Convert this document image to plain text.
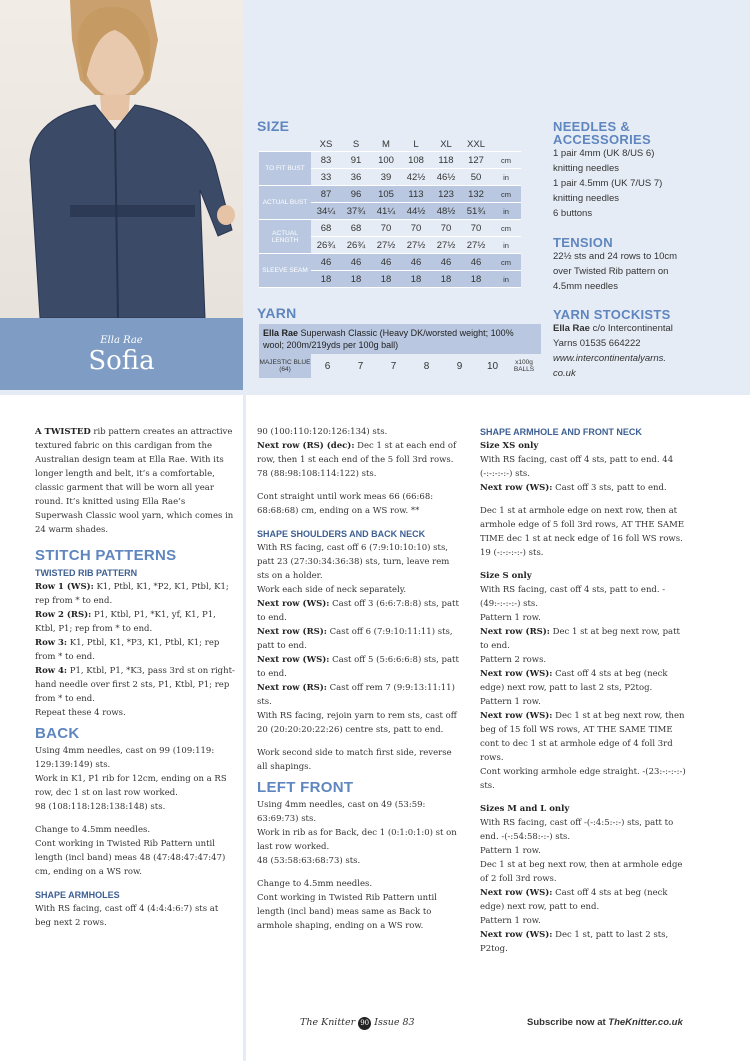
Ella Rae
Sofia
SIZE
	XS	S	M	L	XL	XXL	
TO FIT BUST	83	91	100	108	118	127	cm
	33	36	39	42½	46½	50	in
ACTUAL BUST	87	96	105	113	123	132	cm
	34¼	37¾	41¼	44½	48½	51¾	in
ACTUAL LENGTH	68	68	70	70	70	70	cm
	26¾	26¾	27½	27½	27½	27½	in
SLEEVE SEAM	46	46	46	46	46	46	cm
	18	18	18	18	18	18	in
YARN
Ella Rae Superwash Classic (Heavy DK/worsted weight; 100% wool; 200m/219yds per 100g ball)
MAJESTIC BLUE (64)	6	7	7	8	9	10	x100g BALLS
NEEDLES & ACCESSORIES
1 pair 4mm (UK 8/US 6)
knitting needles
1 pair 4.5mm (UK 7/US 7)
knitting needles
6 buttons
TENSION
22½ sts and 24 rows to 10cm
over Twisted Rib pattern on
4.5mm needles
YARN STOCKISTS
Ella Rae c/o Intercontinental
Yarns 01535 664222
www.intercontinentalyarns.
co.uk
A TWISTED rib pattern creates an attractive textured fabric on this cardigan from the Australian design team at Ella Rae. With its longer length and belt, it’s a comfortable, classic garment that will be worn all year round. It’s knitted using Ella Rae’s Superwash Classic wool yarn, which comes in 24 warm shades.
STITCH PATTERNS
TWISTED RIB PATTERN
Row 1 (WS): K1, Ptbl, K1, *P2, K1, Ptbl, K1; rep from * to end.
Row 2 (RS): P1, Ktbl, P1, *K1, yf, K1, P1, Ktbl, P1; rep from * to end.
Row 3: K1, Ptbl, K1, *P3, K1, Ptbl, K1; rep from * to end.
Row 4: P1, Ktbl, P1, *K3, pass 3rd st on right-hand needle over first 2 sts, P1, Ktbl, P1; rep from * to end.
Repeat these 4 rows.
BACK
Using 4mm needles, cast on 99 (109:119: 129:139:149) sts.
Work in K1, P1 rib for 12cm, ending on a RS row, dec 1 st on last row worked.
98 (108:118:128:138:148) sts.
Change to 4.5mm needles.
Cont working in Twisted Rib Pattern until length (incl band) meas 48 (47:48:47:47:47) cm, ending on a WS row.
SHAPE ARMHOLES
With RS facing, cast off 4 (4:4:4:6:7) sts at beg next 2 rows.
90 (100:110:120:126:134) sts.
Next row (RS) (dec): Dec 1 st at each end of row, then 1 st each end of the 5 foll 3rd rows. 78 (88:98:108:114:122) sts.
Cont straight until work meas 66 (66:68: 68:68:68) cm, ending on a WS row. **
SHAPE SHOULDERS AND BACK NECK
With RS facing, cast off 6 (7:9:10:10:10) sts, patt 23 (27:30:34:36:38) sts, turn, leave rem sts on a holder.
Work each side of neck separately.
Next row (WS): Cast off 3 (6:6:7:8:8) sts, patt to end.
Next row (RS): Cast off 6 (7:9:10:11:11) sts, patt to end.
Next row (WS): Cast off 5 (5:6:6:6:8) sts, patt to end.
Next row (RS): Cast off rem 7 (9:9:13:11:11) sts.
With RS facing, rejoin yarn to rem sts, cast off 20 (20:20:20:22:26) centre sts, patt to end.
Work second side to match first side, reverse all shapings.
LEFT FRONT
Using 4mm needles, cast on 49 (53:59: 63:69:73) sts.
Work in rib as for Back, dec 1 (0:1:0:1:0) st on last row worked.
48 (53:58:63:68:73) sts.
Change to 4.5mm needles.
Cont working in Twisted Rib Pattern until length (incl band) meas same as Back to armhole shaping, ending on a WS row.
SHAPE ARMHOLE AND FRONT NECK
Size XS only
With RS facing, cast off 4 sts, patt to end. 44 (-:-:-:-:-) sts.
Next row (WS): Cast off 3 sts, patt to end.
Dec 1 st at armhole edge on next row, then at armhole edge of 5 foll 3rd rows, AT THE SAME TIME dec 1 st at neck edge of 16 foll WS rows. 19 (-:-:-:-:-) sts.
Size S only
With RS facing, cast off 4 sts, patt to end. -(49:-:-:-:-) sts.
Pattern 1 row.
Next row (RS): Dec 1 st at beg next row, patt to end.
Pattern 2 rows.
Next row (WS): Cast off 4 sts at beg (neck edge) next row, patt to last 2 sts, P2tog.
Pattern 1 row.
Next row (WS): Dec 1 st at beg next row, then beg of 15 foll WS rows, AT THE SAME TIME cont to dec 1 st at armhole edge of 4 foll 3rd rows.
Cont working armhole edge straight. -(23:-:-:-:-) sts.
Sizes M and L only
With RS facing, cast off -(-:4:5:-:-) sts, patt to end. -(-:54:58:-:-) sts.
Pattern 1 row.
Dec 1 st at beg next row, then at armhole edge of 2 foll 3rd rows.
Next row (WS): Cast off 4 sts at beg (neck edge) next row, patt to end.
Pattern 1 row.
Next row (WS): Dec 1 st, patt to last 2 sts, P2tog.
The Knitter 90 Issue 83	Subscribe now at TheKnitter.co.uk
